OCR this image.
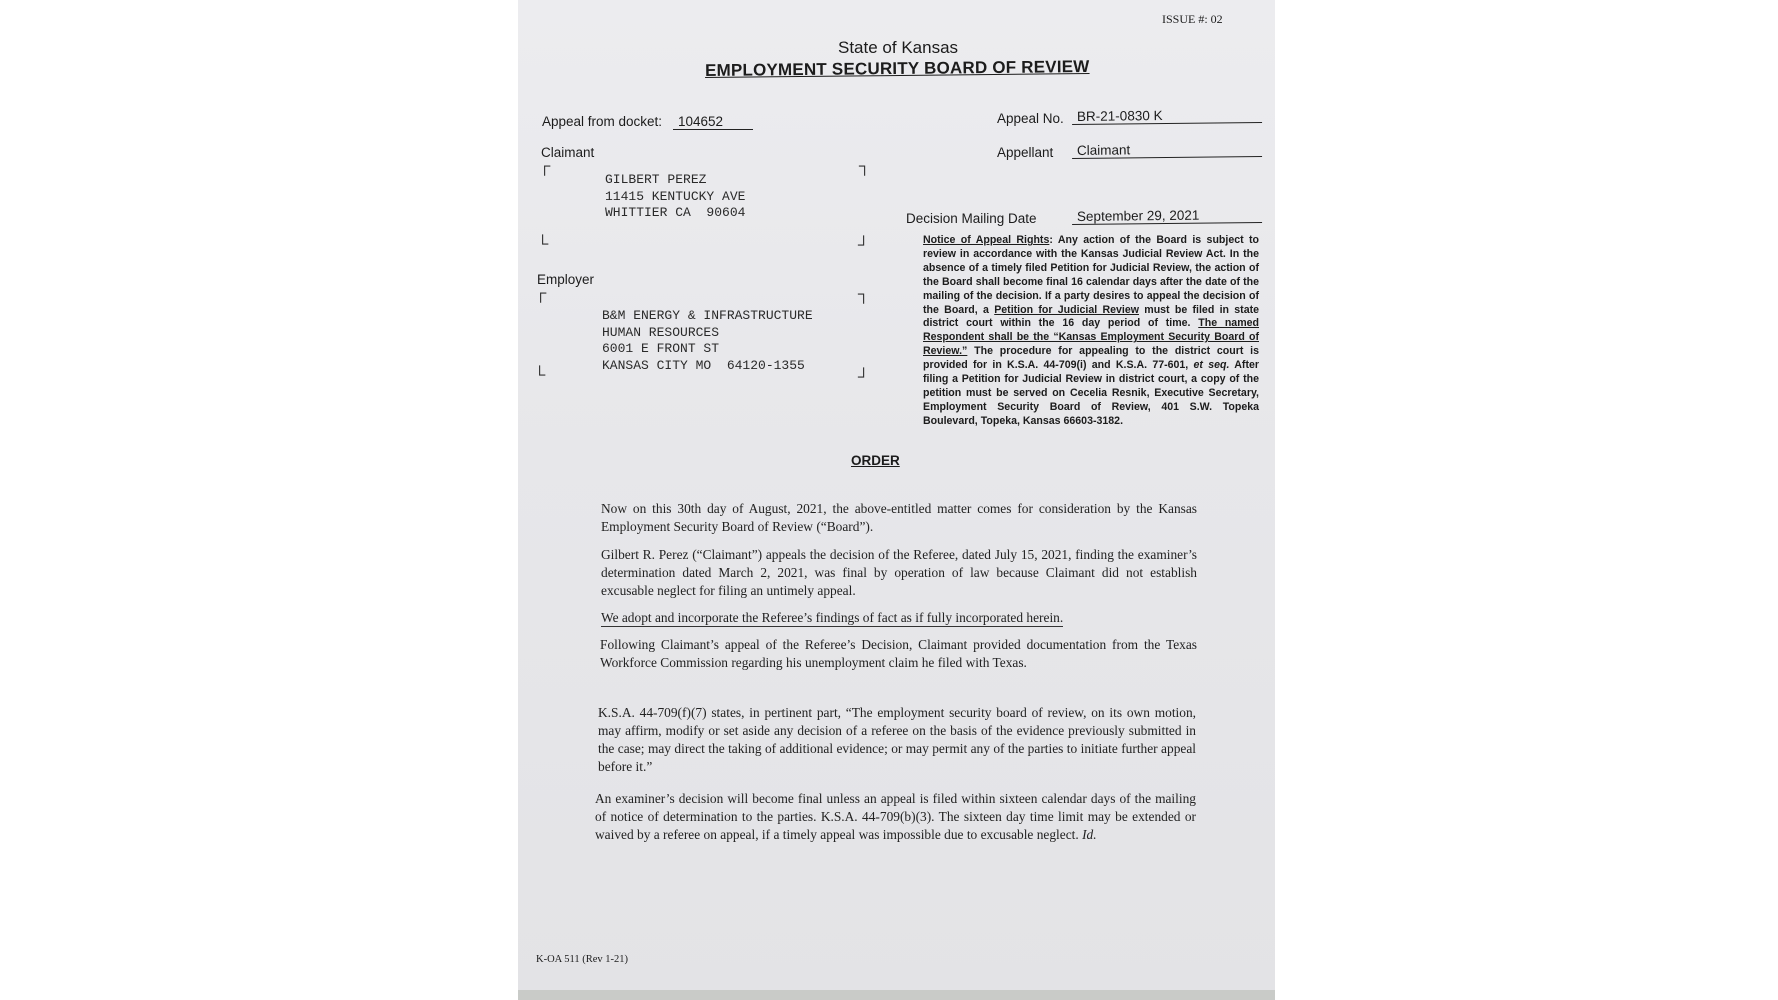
ISSUE #: 02
State of Kansas
EMPLOYMENT SECURITY BOARD OF REVIEW
Appeal from docket:	104652	Appeal No. BR-21-0830 K
Appellant	Claimant
Decision Mailing Date	September 29, 2021
Claimant
┌	┐
└	┘
GILBERT PEREZ
11415 KENTUCKY AVE
WHITTIER CA  90604
Employer
┌	┐
└	┘
B&M ENERGY & INFRASTRUCTURE
HUMAN RESOURCES
6001 E FRONT ST
KANSAS CITY MO  64120-1355
Notice of Appeal Rights: Any action of the Board is subject to review in accordance with the Kansas Judicial Review Act. In the absence of a timely filed Petition for Judicial Review, the action of the Board shall become final 16 calendar days after the date of the mailing of the decision. If a party desires to appeal the decision of the Board, a Petition for Judicial Review must be filed in state district court within the 16 day period of time. The named Respondent shall be the “Kansas Employment Security Board of Review.” The procedure for appealing to the district court is provided for in K.S.A. 44-709(i) and K.S.A. 77-601, et seq. After filing a Petition for Judicial Review in district court, a copy of the petition must be served on Cecelia Resnik, Executive Secretary, Employment Security Board of Review, 401 S.W. Topeka Boulevard, Topeka, Kansas 66603-3182.
ORDER
Now on this 30th day of August, 2021, the above-entitled matter comes for consideration by the Kansas Employment Security Board of Review (“Board”).
Gilbert R. Perez (“Claimant”) appeals the decision of the Referee, dated July 15, 2021, finding the examiner’s determination dated March 2, 2021, was final by operation of law because Claimant did not establish excusable neglect for filing an untimely appeal.
We adopt and incorporate the Referee’s findings of fact as if fully incorporated herein.
Following Claimant’s appeal of the Referee’s Decision, Claimant provided documentation from the Texas Workforce Commission regarding his unemployment claim he filed with Texas.
K.S.A. 44-709(f)(7) states, in pertinent part, “The employment security board of review, on its own motion, may affirm, modify or set aside any decision of a referee on the basis of the evidence previously submitted in the case; may direct the taking of additional evidence; or may permit any of the parties to initiate further appeal before it.”
An examiner’s decision will become final unless an appeal is filed within sixteen calendar days of the mailing of notice of determination to the parties. K.S.A. 44-709(b)(3). The sixteen day time limit may be extended or waived by a referee on appeal, if a timely appeal was impossible due to excusable neglect. Id.
K-OA 511 (Rev 1-21)
